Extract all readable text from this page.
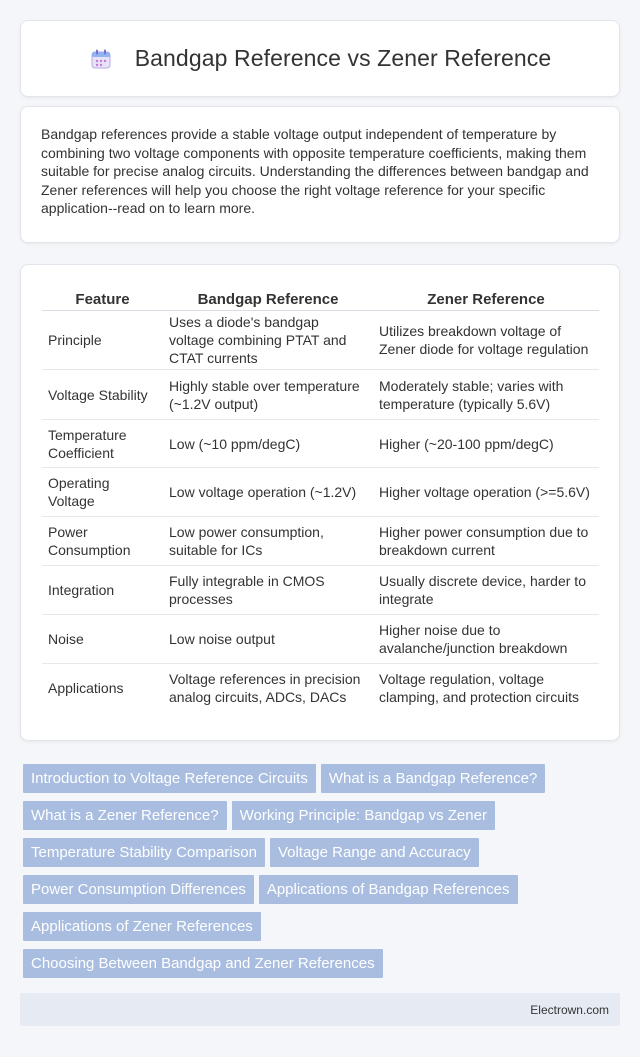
Bandgap Reference vs Zener Reference

Bandgap references provide a stable voltage output independent of temperature by combining two voltage components with opposite temperature coefficients, making them suitable for precise analog circuits. Understanding the differences between bandgap and Zener references will help you choose the right voltage reference for your specific application--read on to learn more.

Feature	Bandgap Reference	Zener Reference
Principle	Uses a diode's bandgap voltage combining PTAT and CTAT currents	Utilizes breakdown voltage of Zener diode for voltage regulation
Voltage Stability	Highly stable over temperature (~1.2V output)	Moderately stable; varies with temperature (typically 5.6V)
Temperature Coefficient	Low (~10 ppm/degC)	Higher (~20-100 ppm/degC)
Operating Voltage	Low voltage operation (~1.2V)	Higher voltage operation (>=5.6V)
Power Consumption	Low power consumption, suitable for ICs	Higher power consumption due to breakdown current
Integration	Fully integrable in CMOS processes	Usually discrete device, harder to integrate
Noise	Low noise output	Higher noise due to avalanche/junction breakdown
Applications	Voltage references in precision analog circuits, ADCs, DACs	Voltage regulation, voltage clamping, and protection circuits
Introduction to Voltage Reference Circuits What is a Bandgap Reference? What is a Zener Reference? Working Principle: Bandgap vs Zener Temperature Stability Comparison Voltage Range and Accuracy Power Consumption Differences Applications of Bandgap References Applications of Zener References Choosing Between Bandgap and Zener References
Electrown.com
